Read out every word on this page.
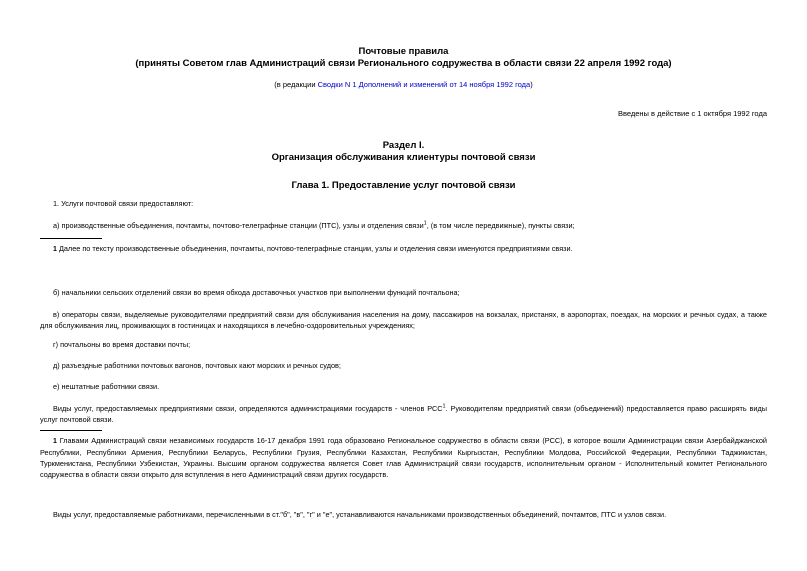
Почтовые правила
(приняты Советом глав Администраций связи Регионального содружества в области связи 22 апреля 1992 года)
(в редакции Сводки N 1 Дополнений и изменений от 14 ноября 1992 года)
Введены в действие с 1 октября 1992 года
Раздел I.
Организация обслуживания клиентуры почтовой связи
Глава 1. Предоставление услуг почтовой связи
1. Услуги почтовой связи предоставляют:
а) производственные объединения, почтамты, почтово-телеграфные станции (ПТС), узлы и отделения связи$^1$, (в том числе передвижные), пункты связи;
1 Далее по тексту производственные объединения, почтамты, почтово-телеграфные станции, узлы и отделения связи именуются предприятиями связи.
б) начальники сельских отделений связи во время обхода доставочных участков при выполнении функций почтальона;
в) операторы связи, выделяемые руководителями предприятий связи для обслуживания населения на дому, пассажиров на вокзалах, пристанях, в аэропортах, поездах, на морских и речных судах, а также для обслуживания лиц, проживающих в гостиницах и находящихся в лечебно-оздоровительных учреждениях;
г) почтальоны во время доставки почты;
д) разъездные работники почтовых вагонов, почтовых кают морских и речных судов;
е) нештатные работники связи.
Виды услуг, предоставляемых предприятиями связи, определяются администрациями государств - членов РСС$^1$. Руководителям предприятий связи (объединений) предоставляется право расширять виды услуг почтовой связи.
1 Главами Администраций связи независимых государств 16-17 декабря 1991 года образовано Региональное содружество в области связи (РСС), в которое вошли Администрации связи Азербайджанской Республики, Республики Армения, Республики Беларусь, Республики Грузия, Республики Казахстан, Республики Кыргызстан, Республики Молдова, Российской Федерации, Республики Таджикистан, Туркменистана, Республики Узбекистан, Украины. Высшим органом содружества является Совет глав Администраций связи государств, исполнительным органом - Исполнительный комитет Регионального содружества в области связи открыто для вступления в него Администраций связи других государств.
Виды услуг, предоставляемые работниками, перечисленными в ст."б", "в", "г" и "е", устанавливаются начальниками производственных объединений, почтамтов, ПТС и узлов связи.
